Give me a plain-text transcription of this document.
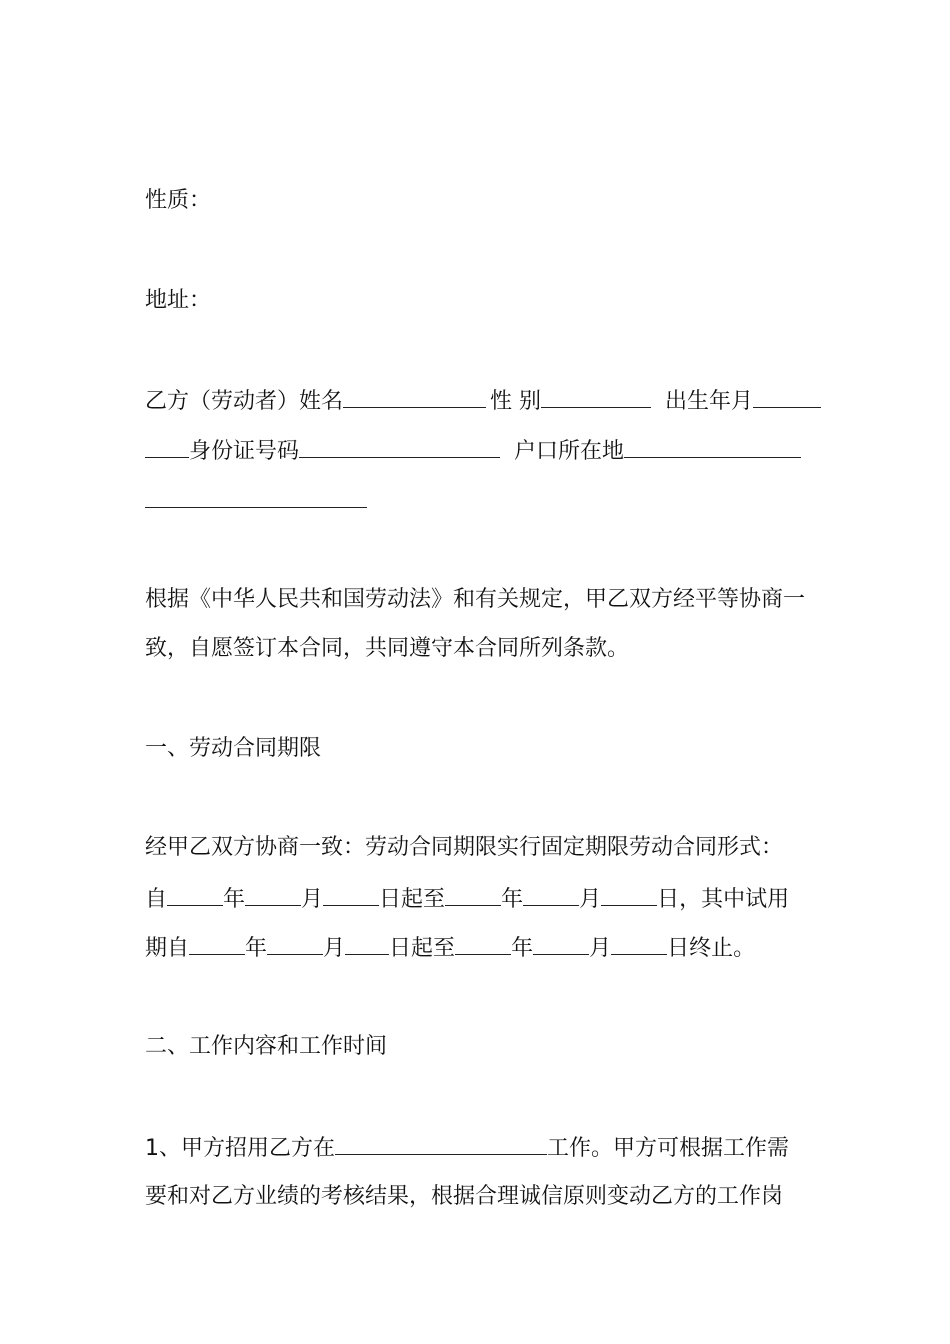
性质：
地址：
乙方（劳动者）姓名	性 别	出生年月
身份证号码	户口所在地
根据《中华人民共和国劳动法》和有关规定，甲乙双方经平等协商一
致，自愿签订本合同，共同遵守本合同所列条款。
一、劳动合同期限
经甲乙双方协商一致：劳动合同期限实行固定期限劳动合同形式：
自	年	月	日起至	年	月	日，其中试用
期自	年	月 日起至	年	月	日终止。
二、工作内容和工作时间
1、甲方招用乙方在	工作。甲方可根据工作需
要和对乙方业绩的考核结果，根据合理诚信原则变动乙方的工作岗
